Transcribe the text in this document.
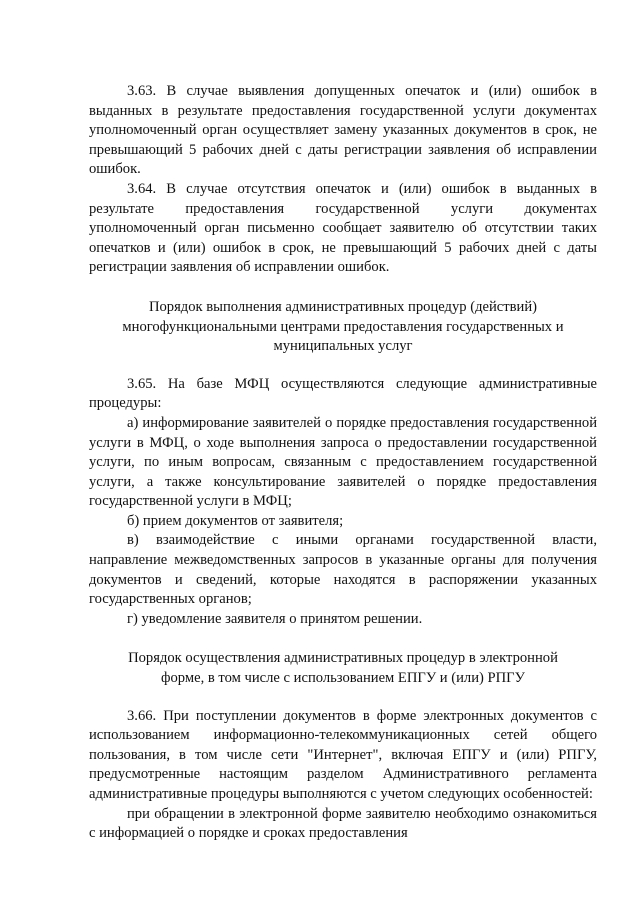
3.63. В случае выявления допущенных опечаток и (или) ошибок в выданных в результате предоставления государственной услуги документах уполномоченный орган осуществляет замену указанных документов в срок, не превышающий 5 рабочих дней с даты регистрации заявления об исправлении ошибок.

3.64. В случае отсутствия опечаток и (или) ошибок в выданных в результате предоставления государственной услуги документах уполномоченный орган письменно сообщает заявителю об отсутствии таких опечатков и (или) ошибок в срок, не превышающий 5 рабочих дней с даты регистрации заявления об исправлении ошибок.

Порядок выполнения административных процедур (действий) многофункциональными центрами предоставления государственных и муниципальных услуг

3.65. На базе МФЦ осуществляются следующие административные процедуры:

а) информирование заявителей о порядке предоставления государственной услуги в МФЦ, о ходе выполнения запроса о предоставлении государственной услуги, по иным вопросам, связанным с предоставлением государственной услуги, а также консультирование заявителей о порядке предоставления государственной услуги в МФЦ;

б) прием документов от заявителя;

в) взаимодействие с иными органами государственной власти, направление межведомственных запросов в указанные органы для получения документов и сведений, которые находятся в распоряжении указанных государственных органов;

г) уведомление заявителя о принятом решении.

Порядок осуществления административных процедур в электронной форме, в том числе с использованием ЕПГУ и (или) РПГУ

3.66. При поступлении документов в форме электронных документов с использованием информационно-телекоммуникационных сетей общего пользования, в том числе сети "Интернет", включая ЕПГУ и (или) РПГУ, предусмотренные настоящим разделом Административного регламента административные процедуры выполняются с учетом следующих особенностей:

при обращении в электронной форме заявителю необходимо ознакомиться с информацией о порядке и сроках предоставления
